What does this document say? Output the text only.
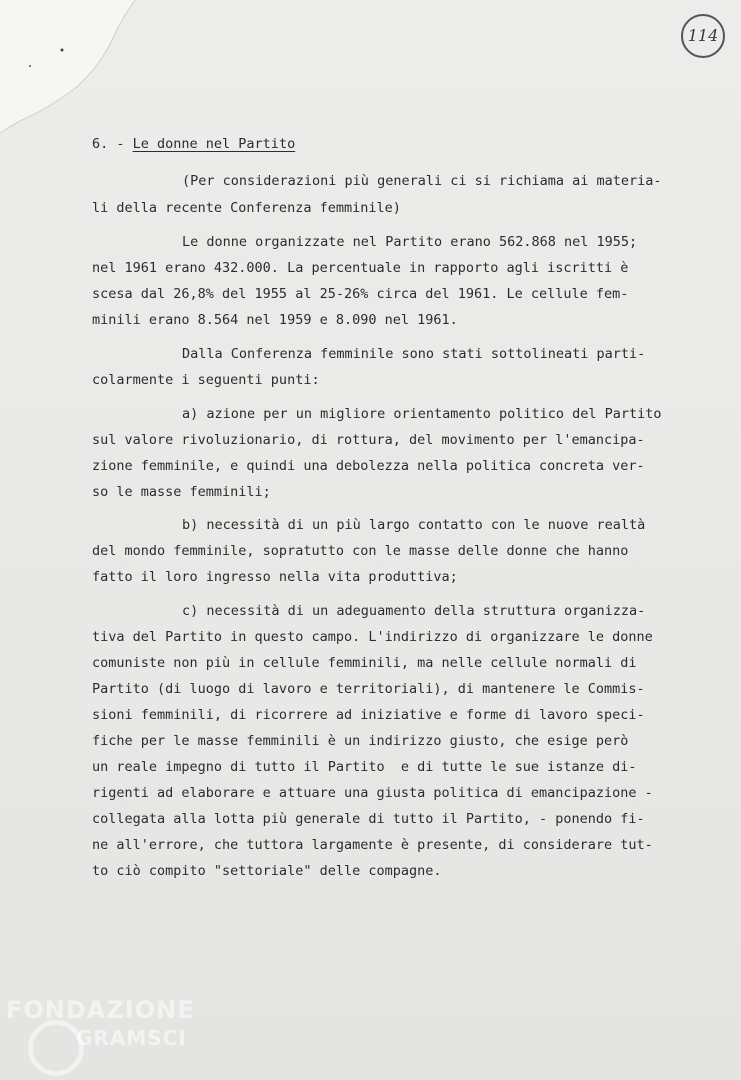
114
6. - Le donne nel Partito
(Per considerazioni più generali ci si richiama ai materia-
li della recente Conferenza femminile)
Le donne organizzate nel Partito erano 562.868 nel 1955;
nel 1961 erano 432.000. La percentuale in rapporto agli iscritti è
scesa dal 26,8% del 1955 al 25-26% circa del 1961. Le cellule fem-
minili erano 8.564 nel 1959 e 8.090 nel 1961.
Dalla Conferenza femminile sono stati sottolineati parti-
colarmente i seguenti punti:
a) azione per un migliore orientamento politico del Partito
sul valore rivoluzionario, di rottura, del movimento per l'emancipa-
zione femminile, e quindi una debolezza nella politica concreta ver-
so le masse femminili;
b) necessità di un più largo contatto con le nuove realtà
del mondo femminile, sopratutto con le masse delle donne che hanno
fatto il loro ingresso nella vita produttiva;
c) necessità di un adeguamento della struttura organizza-
tiva del Partito in questo campo. L'indirizzo di organizzare le donne
comuniste non più in cellule femminili, ma nelle cellule normali di
Partito (di luogo di lavoro e territoriali), di mantenere le Commis-
sioni femminili, di ricorrere ad iniziative e forme di lavoro speci-
fiche per le masse femminili è un indirizzo giusto, che esige però
un reale impegno di tutto il Partito  e di tutte le sue istanze di-
rigenti ad elaborare e attuare una giusta politica di emancipazione -
collegata alla lotta più generale di tutto il Partito, - ponendo fi-
ne all'errore, che tuttora largamente è presente, di considerare tut-
to ciò compito "settoriale" delle compagne.
FONDAZIONE
GRAMSCI
